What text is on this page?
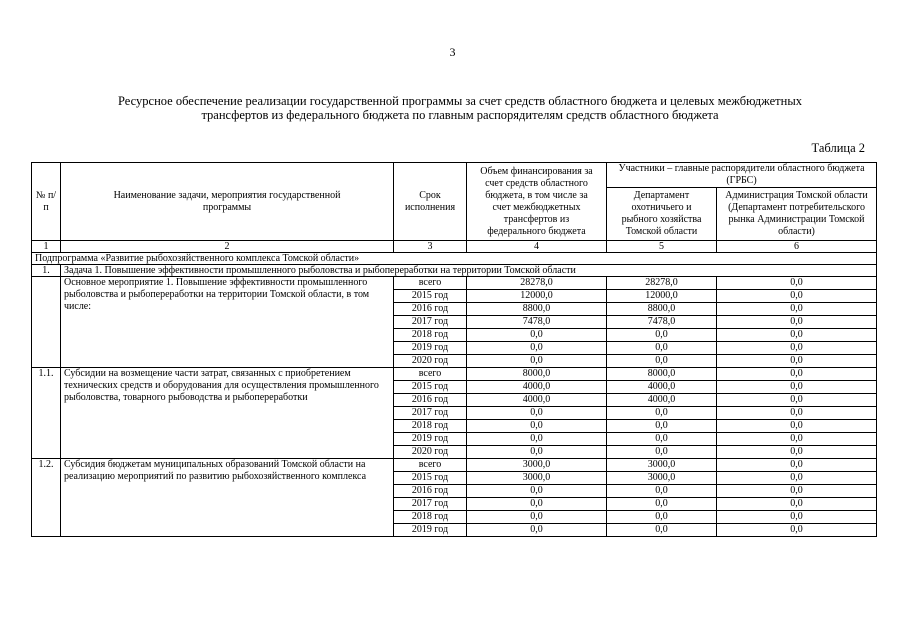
3
Ресурсное обеспечение реализации государственной программы за счет средств областного бюджета и целевых межбюджетных трансфертов из федерального бюджета по главным распорядителям средств областного бюджета
Таблица 2
№ п/п	Наименование задачи, мероприятия государственной программы	Срок исполнения	Объем финансирования за счет средств областного бюджета, в том числе за счет межбюджетных трансфертов из федерального бюджета	Участники – главные распорядители областного бюджета (ГРБС)	
				Департамент охотничьего и рыбного хозяйства Томской области	Администрация Томской области (Департамент потребительского рынка Администрации Томской области)
1	2	3	4	5	6
Подпрограмма «Развитие рыбохозяйственного комплекса Томской области»					
1.	Задача 1. Повышение эффективности промышленного рыболовства и рыбопереработки на территории Томской области				
	Основное мероприятие 1. Повышение эффективности промышленного рыболовства и рыбопереработки на территории Томской области, в том числе:	всего	28278,0	28278,0	0,0
		2015 год	12000,0	12000,0	0,0
		2016 год	8800,0	8800,0	0,0
		2017 год	7478,0	7478,0	0,0
		2018 год	0,0	0,0	0,0
		2019 год	0,0	0,0	0,0
		2020 год	0,0	0,0	0,0
1.1.	Субсидии на возмещение части затрат, связанных с приобретением технических средств и оборудования для осуществления промышленного рыболовства, товарного рыбоводства и рыбопереработки	всего	8000,0	8000,0	0,0
		2015 год	4000,0	4000,0	0,0
		2016 год	4000,0	4000,0	0,0
		2017 год	0,0	0,0	0,0
		2018 год	0,0	0,0	0,0
		2019 год	0,0	0,0	0,0
		2020 год	0,0	0,0	0,0
1.2.	Субсидия бюджетам муниципальных образований Томской области на реализацию мероприятий по развитию рыбохозяйственного комплекса	всего	3000,0	3000,0	0,0
		2015 год	3000,0	3000,0	0,0
		2016 год	0,0	0,0	0,0
		2017 год	0,0	0,0	0,0
		2018 год	0,0	0,0	0,0
		2019 год	0,0	0,0	0,0
